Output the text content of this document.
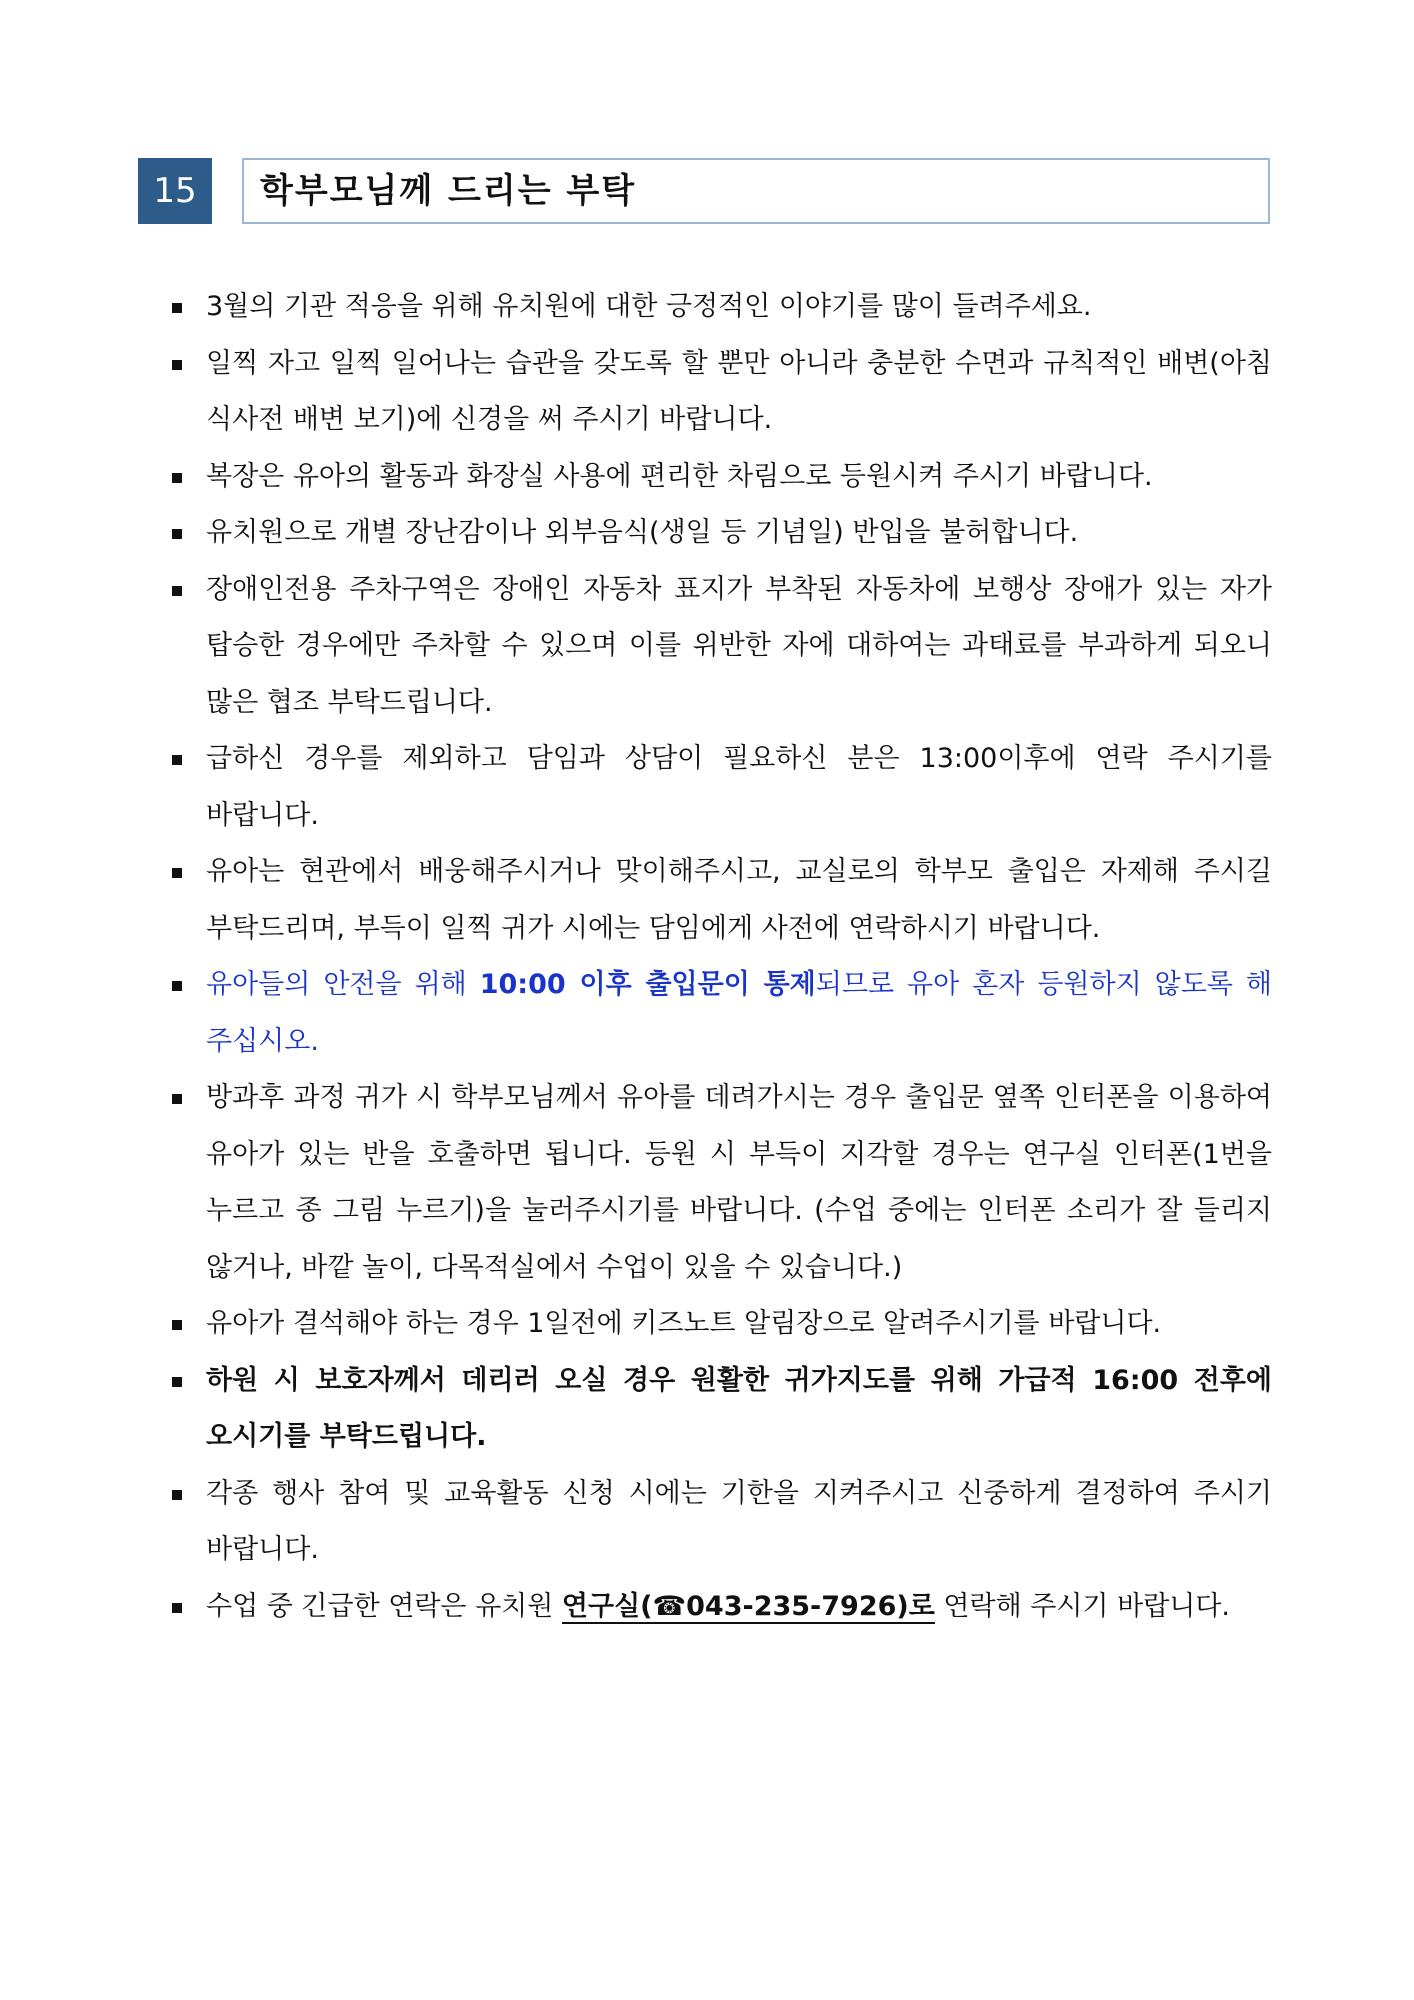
15	학부모님께 드리는 부탁
3월의 기관 적응을 위해 유치원에 대한 긍정적인 이야기를 많이 들려주세요.
일찍 자고 일찍 일어나는 습관을 갖도록 할 뿐만 아니라 충분한 수면과 규칙적인 배변(아침 식사전 배변 보기)에 신경을 써 주시기 바랍니다.
복장은 유아의 활동과 화장실 사용에 편리한 차림으로 등원시켜 주시기 바랍니다.
유치원으로 개별 장난감이나 외부음식(생일 등 기념일) 반입을 불허합니다.
장애인전용 주차구역은 장애인 자동차 표지가 부착된 자동차에 보행상 장애가 있는 자가 탑승한 경우에만 주차할 수 있으며 이를 위반한 자에 대하여는 과태료를 부과하게 되오니 많은 협조 부탁드립니다.
급하신 경우를 제외하고 담임과 상담이 필요하신 분은 13:00이후에 연락 주시기를 바랍니다.
유아는 현관에서 배웅해주시거나 맞이해주시고, 교실로의 학부모 출입은 자제해 주시길 부탁드리며, 부득이 일찍 귀가 시에는 담임에게 사전에 연락하시기 바랍니다.
유아들의 안전을 위해 10:00 이후 출입문이 통제되므로 유아 혼자 등원하지 않도록 해 주십시오.
방과후 과정 귀가 시 학부모님께서 유아를 데려가시는 경우 출입문 옆쪽 인터폰을 이용하여 유아가 있는 반을 호출하면 됩니다. 등원 시 부득이 지각할 경우는 연구실 인터폰(1번을 누르고 종 그림 누르기)을 눌러주시기를 바랍니다. (수업 중에는 인터폰 소리가 잘 들리지 않거나, 바깥 놀이, 다목적실에서 수업이 있을 수 있습니다.)
유아가 결석해야 하는 경우 1일전에 키즈노트 알림장으로 알려주시기를 바랍니다.
하원 시 보호자께서 데리러 오실 경우 원활한 귀가지도를 위해 가급적 16:00 전후에 오시기를 부탁드립니다.
각종 행사 참여 및 교육활동 신청 시에는 기한을 지켜주시고 신중하게 결정하여 주시기 바랍니다.
수업 중 긴급한 연락은 유치원 연구실(☎043-235-7926)로 연락해 주시기 바랍니다.
